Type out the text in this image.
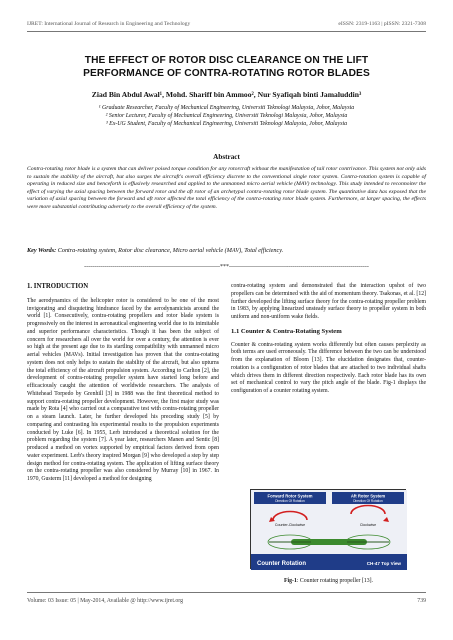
IJRET: International Journal of Research in Engineering and Technology	eISSN: 2319-1163 | pISSN: 2321-7308
THE EFFECT OF ROTOR DISC CLEARANCE ON THE LIFT
PERFORMANCE OF CONTRA-ROTATING ROTOR BLADES
Ziad Bin Abdul Awal¹, Mohd. Shariff bin Ammoo², Nur Syafiqah binti Jamaluddin³
¹ Graduate Researcher, Faculty of Mechanical Engineering, Universiti Teknologi Malaysia, Johor, Malaysia
² Senior Lecturer, Faculty of Mechanical Engineering, Universiti Teknologi Malaysia, Johor, Malaysia
³ Ex-UG Student, Faculty of Mechanical Engineering, Universiti Teknologi Malaysia, Johor, Malaysia
Abstract
Contra-rotating rotor blade is a system that can deliver poised torque condition for any rotorcraft without the manifestation of tail rotor contrivance. This system not only aids to sustain the stability of the aircraft, but also surges the aircraft's overall efficiency discrete to the conventional single rotor system. Contra-rotation system is capable of operating in reduced size and henceforth is effusively researched and applied to the unmanned micro aerial vehicle (MAV) technology. This study intended to reconnoiter the effect of varying the axial spacing between the forward rotor and the aft rotor of an archetypal contra-rotating rotor blade system. The quantitative data has exposed that the variation of axial spacing between the forward and aft rotor affected the total efficiency of the contra-rotating rotor blade system. Furthermore, at larger spacing, the effects were more substantial contributing adversely to the overall efficiency of the system.
Key Words: Contra-rotating system, Rotor disc clearance, Micro aerial vehicle (MAV), Total efficiency.
--------------------------------------------------------------------***----------------------------------------------------------------------
1. INTRODUCTION

The aerodynamics of the helicopter rotor is considered to be one of the most invigorating and disquieting hindrance faced by the aerodynamicists around the world [1]. Consecutively, contra-rotating propellers and rotor blade system is progressively on the interest in aeronautical engineering world due to its inimitable and superior performance characteristics. Though it has been the subject of concern for researchers all over the world for over a century, the attention is ever so high at the present age due to its startling compatibility with unmanned micro aerial vehicles (MAVs). Initial investigation has proven that the contra-rotating system does not only helps to sustain the stability of the aircraft, but also upturns the total efficiency of the aircraft propulsion system. According to Carlton [2], the development of contra-rotating propeller system have started long before and efficaciously caught the attention of worldwide researchers. The analysis of Whitehead Torpedo by Grenhill [3] in 1988 was the first theoretical method to support contra-rotating propeller development. However, the first major study was made by Rota [4] who carried out a comparative test with contra-rotating propeller on a steam launch. Later, he further developed his preceding study [5] by comparing and contrasting his experimental results to the propulsion experiments conducted by Luke [6]. In 1955, Lerb introduced a theoretical solution for the problem regarding the system [7]. A year later, researchers Manen and Sentic [8] produced a method on vortex supported by empirical factors derived from open water experiment. Lerb's theory inspired Morgan [9] who developed a step by step design method for contra-rotating system. The application of lifting surface theory on the contra-rotating propeller was also considered by Murray [10] in 1967. In 1970, Gusterm [11] developed a method for designing

contra-rotating system and demonstrated that the interaction upshot of two propellers can be determined with the aid of momentum theory. Tsakonas, et al. [12] further developed the lifting surface theory for the contra-rotating propeller problem in 1983, by applying linearized unsteady surface theory to propeller system in both uniform and non-uniform wake fields.

1.1 Counter & Contra-Rotating System

Counter & contra-rotating system works differently but often causes perplexity as both terms are used erroneously. The difference between the two can be understood from the explanation of Bloom [13]. The elucidation designates that, counter-rotation is a configuration of rotor blades that are attached to two individual shafts which drives them in different direction respectively. Each rotor blade has its own set of mechanical control to vary the pitch angle of the blade. Fig-1 displays the configuration of a counter rotating system.

Forward Rotor System
Direction Of Rotation
Aft Rotor System
Direction Of Rotation
Counter-Clockwise	Clockwise
Counter Rotation	CH-47 Top View
Fig-1: Counter rotating propeller [13].
Volume: 03 Issue: 05 | May-2014, Available @ http://www.ijret.org	739
